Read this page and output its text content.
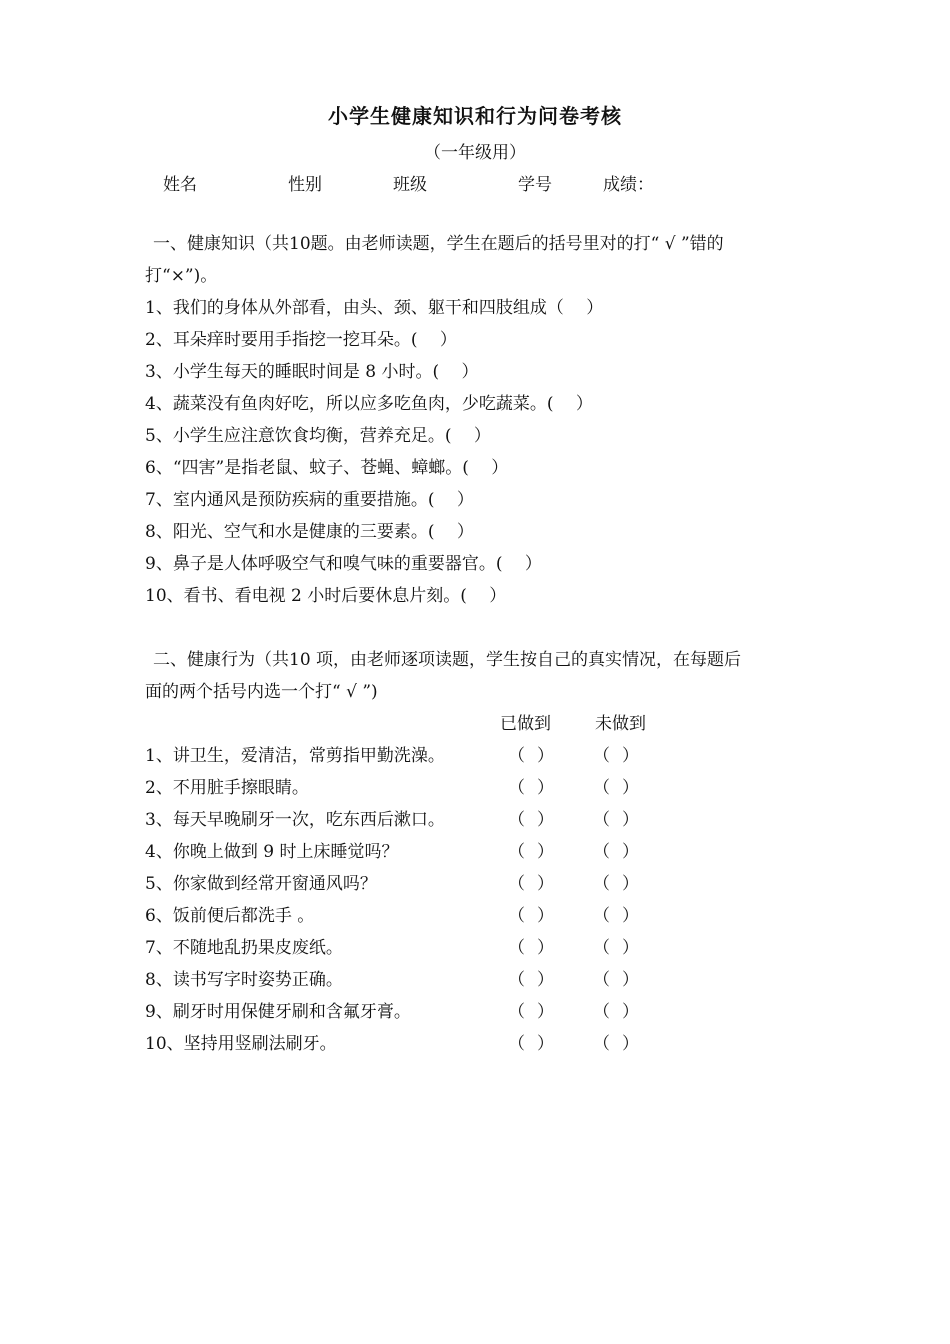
小学生健康知识和行为问卷考核
（一年级用）
姓名	性别	班级	学号	成绩：
一、健康知识（共10题。由老师读题，学生在题后的括号里对的打“ √ ”错的
打“×”)。
1、我们的身体从外部看，由头、颈、躯干和四肢组成（　 ）
2、耳朵痒时要用手指挖一挖耳朵。(　 ）
3、小学生每天的睡眠时间是 8 小时。(　 ）
4、蔬菜没有鱼肉好吃，所以应多吃鱼肉，少吃蔬菜。(　 ）
5、小学生应注意饮食均衡，营养充足。(　 ）
6、“四害”是指老鼠、蚊子、苍蝇、蟑螂。(　 ）
7、室内通风是预防疾病的重要措施。(　 ）
8、阳光、空气和水是健康的三要素。(　 ）
9、鼻子是人体呼吸空气和嗅气味的重要器官。(　 ）
10、看书、看电视 2 小时后要休息片刻。(　 ）
二、健康行为（共10 项，由老师逐项读题，学生按自己的真实情况，在每题后
面的两个括号内选一个打“ √ ”)
已做到	未做到
1、讲卫生，爱清洁，常剪指甲勤洗澡。	（ ） （ ）
2、不用脏手擦眼睛。	（ ） （ ）
3、每天早晚刷牙一次，吃东西后漱口。	（ ） （ ）
4、你晚上做到 9 时上床睡觉吗？	（ ） （ ）
5、你家做到经常开窗通风吗？	（ ） （ ）
6、饭前便后都洗手 。	（ ） （ ）
7、不随地乱扔果皮废纸。	（ ） （ ）
8、读书写字时姿势正确。	（ ） （ ）
9、刷牙时用保健牙刷和含氟牙膏。	（ ） （ ）
10、坚持用竖刷法刷牙。	（ ） （ ）
